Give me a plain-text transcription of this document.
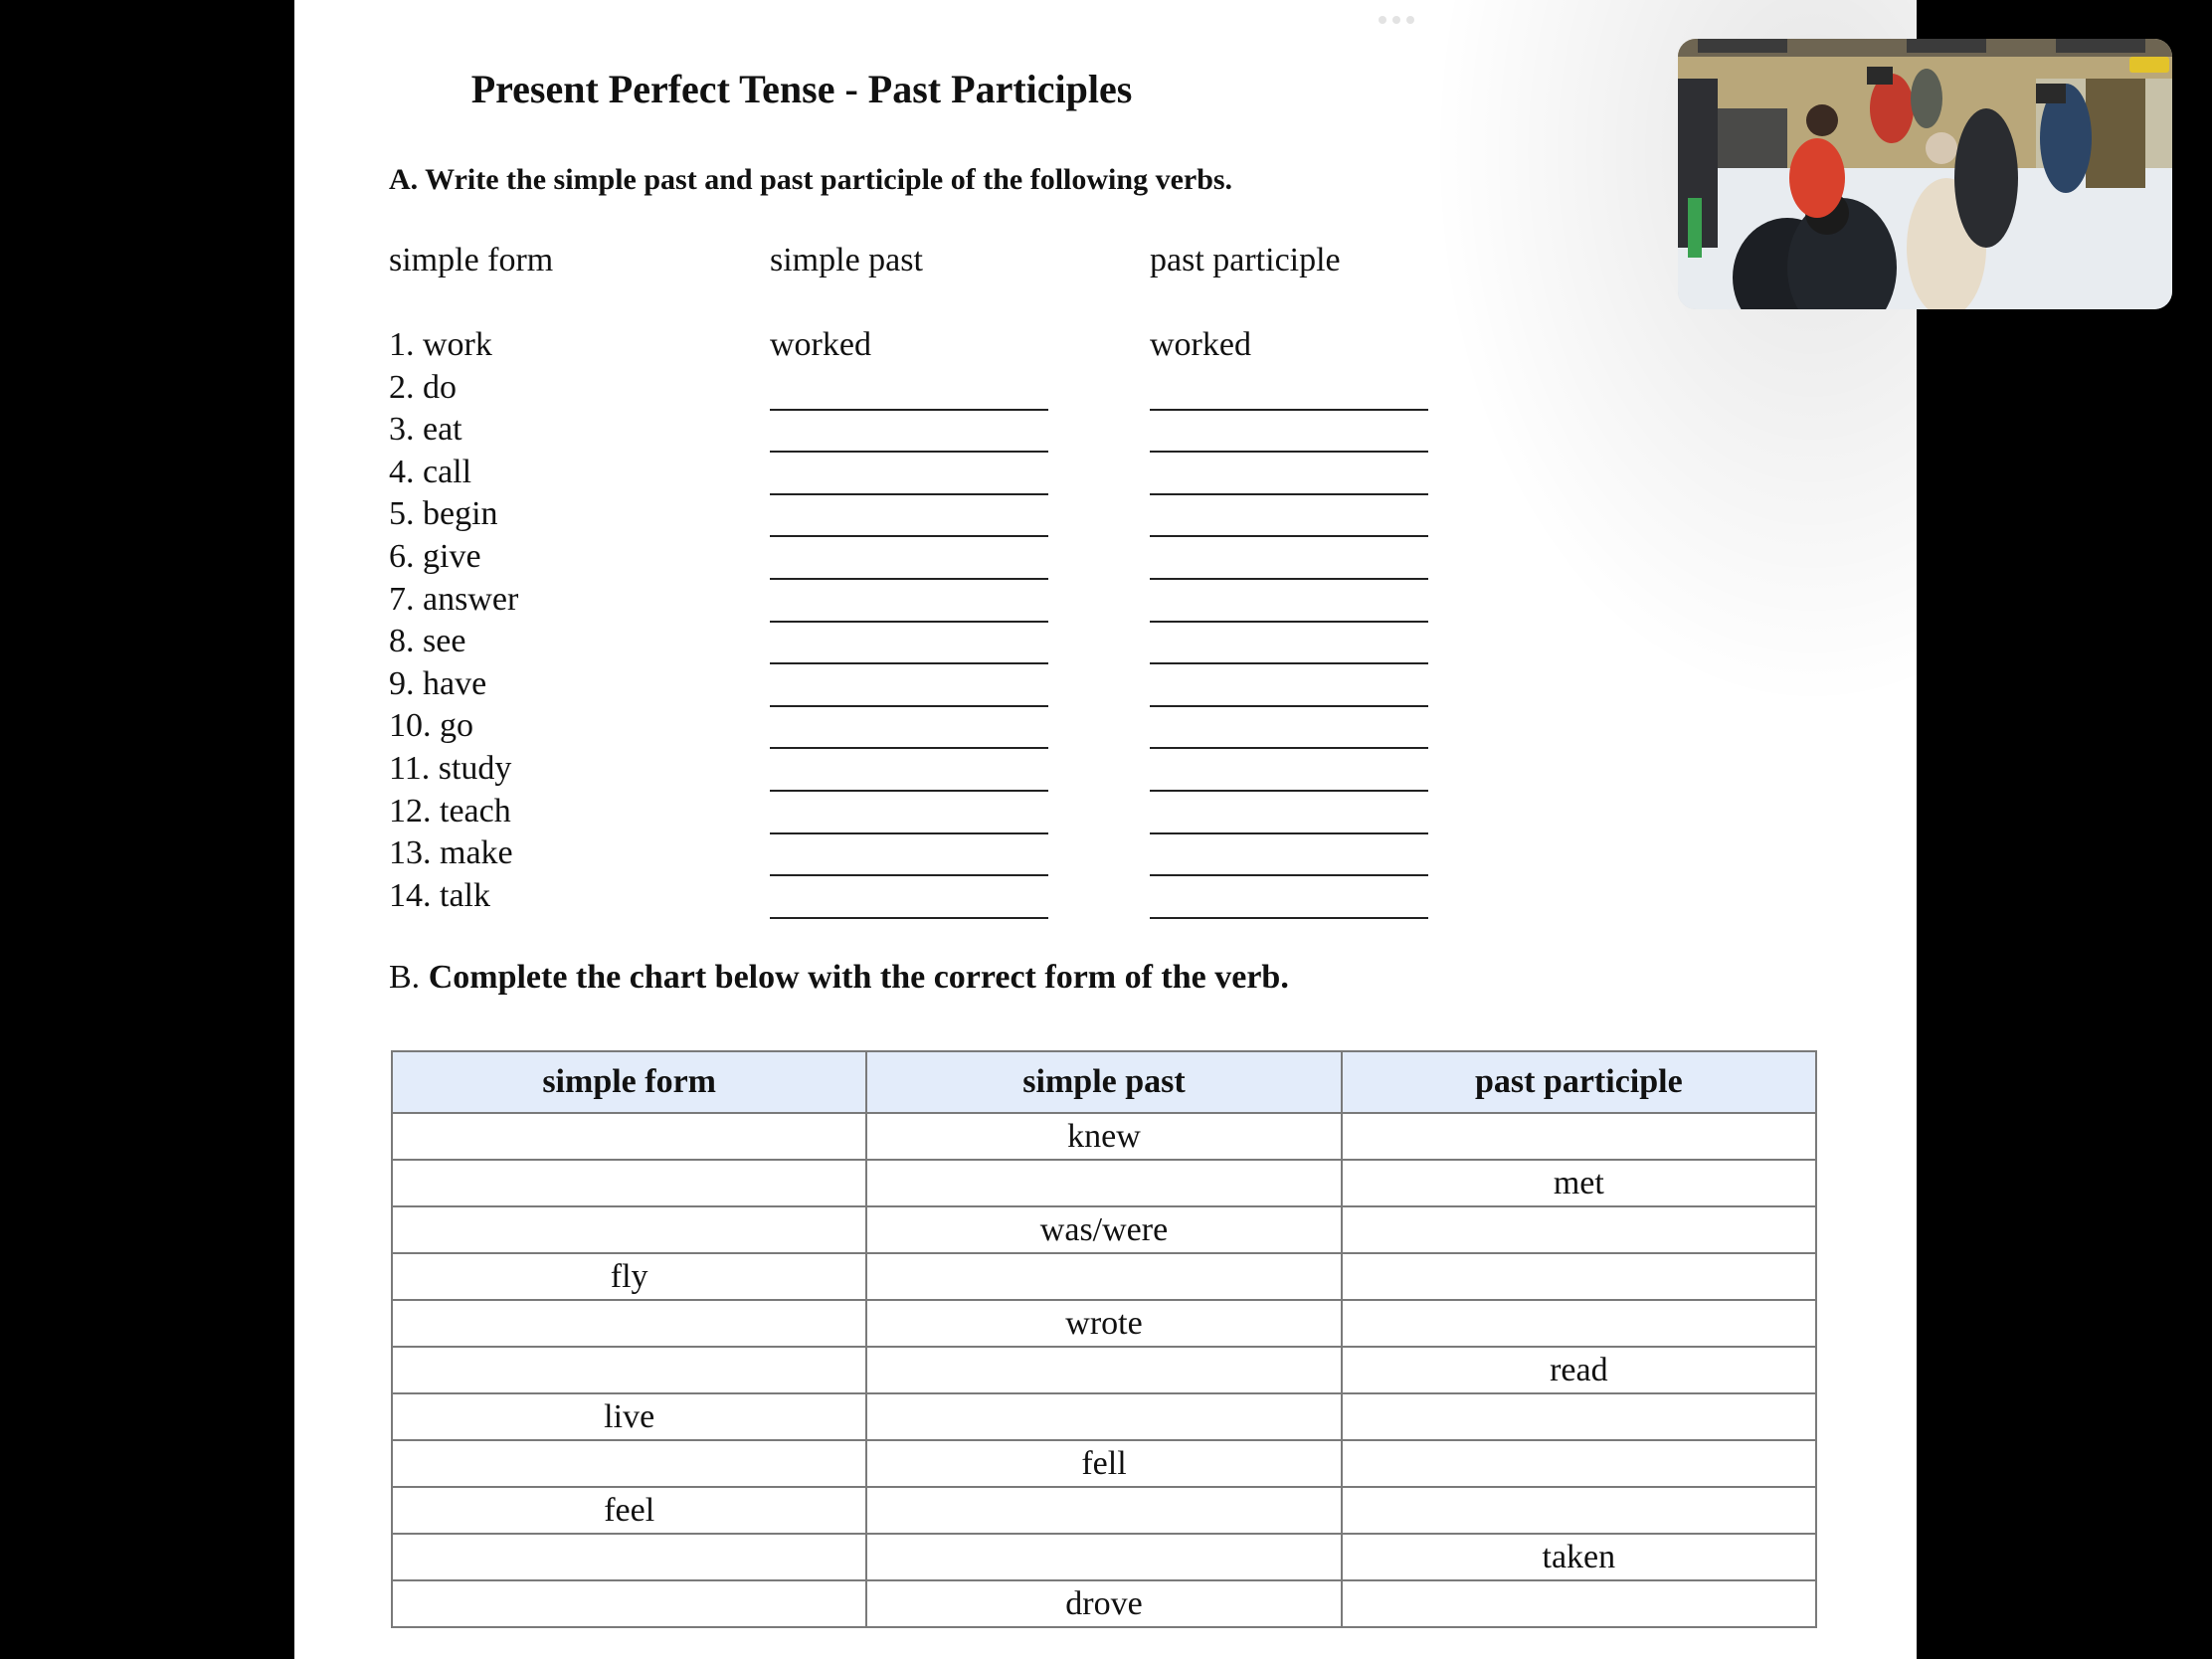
Present Perfect Tense - Past Participles
A. Write the simple past and past participle of the following verbs.
simple form	simple past	past participle
1. work	worked	worked
2. do
3. eat
4. call
5. begin
6. give
7. answer
8. see
9. have
10. go
11. study
12. teach
13. make
14. talk
B. Complete the chart below with the correct form of the verb.
simple form	simple past	past participle
	knew	
		met
	was/were	
fly		
	wrote	
		read
live		
	fell	
feel		
		taken
	drove	
